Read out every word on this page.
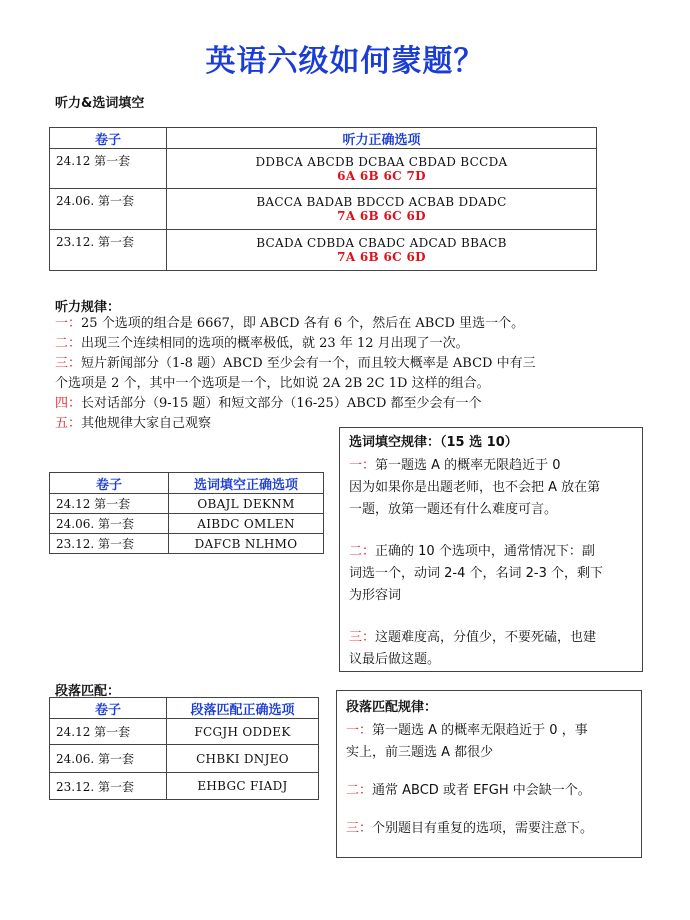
英语六级如何蒙题？
听力&选词填空
卷子	听力正确选项
24.12 第一套	DDBCA ABCDB DCBAA CBDAD BCCDA
6A 6B 6C 7D

24.06. 第一套	BACCA BADAB BDCCD ACBAB DDADC
7A 6B 6C 6D

23.12. 第一套	BCADA CDBDA CBADC ADCAD BBACB
7A 6B 6C 6D
听力规律：

一：25 个选项的组合是 6667，即 ABCD 各有 6 个，然后在 ABCD 里选一个。

二：出现三个连续相同的选项的概率极低，就 23 年 12 月出现了一次。

三：短片新闻部分（1-8 题）ABCD 至少会有一个，而且较大概率是 ABCD 中有三

个选项是 2 个，其中一个选项是一个，比如说 2A 2B 2C 1D 这样的组合。

四：长对话部分（9-15 题）和短文部分（16-25）ABCD 都至少会有一个

五：其他规律大家自己观察

卷子	选词填空正确选项
24.12 第一套	OBAJL DEKNM
24.06. 第一套	AIBDC OMLEN
23.12. 第一套	DAFCB NLHMO
选词填空规律：（15 选 10）

一：第一题选 A 的概率无限趋近于 0

因为如果你是出题老师，也不会把 A 放在第

一题，放第一题还有什么难度可言。

二：正确的 10 个选项中，通常情况下：副

词选一个，动词 2-4 个，名词 2-3 个，剩下

为形容词

三：这题难度高，分值少，不要死磕，也建

议最后做这题。

段落匹配：
卷子	段落匹配正确选项
24.12 第一套	FCGJH ODDEK
24.06. 第一套	CHBKI DNJEO
23.12. 第一套	EHBGC FIADJ
段落匹配规律：

一：第一题选 A 的概率无限趋近于 0 ，事

实上，前三题选 A 都很少

二：通常 ABCD 或者 EFGH 中会缺一个。

三：个别题目有重复的选项，需要注意下。
